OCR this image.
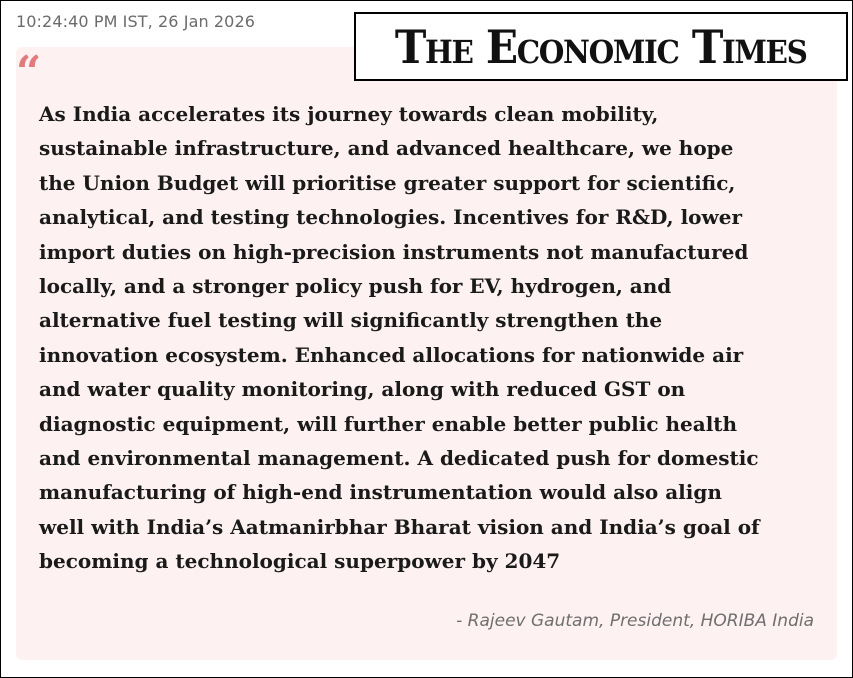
10:24:40 PM IST, 26 Jan 2026
“
As India accelerates its journey towards clean mobility,
sustainable infrastructure, and advanced healthcare, we hope
the Union Budget will prioritise greater support for scientific,
analytical, and testing technologies. Incentives for R&D, lower
import duties on high-precision instruments not manufactured
locally, and a stronger policy push for EV, hydrogen, and
alternative fuel testing will significantly strengthen the
innovation ecosystem. Enhanced allocations for nationwide air
and water quality monitoring, along with reduced GST on
diagnostic equipment, will further enable better public health
and environmental management. A dedicated push for domestic
manufacturing of high-end instrumentation would also align
well with India’s Aatmanirbhar Bharat vision and India’s goal of
becoming a technological superpower by 2047
- Rajeev Gautam, President, HORIBA India
The Economic Times
